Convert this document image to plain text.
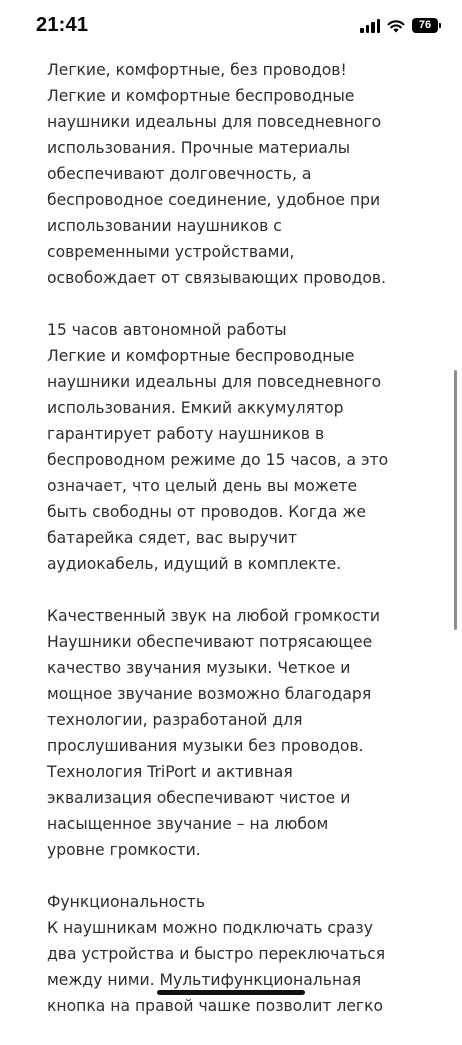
21:41	76

Легкие, комфортные, без проводов!

Легкие и комфортные беспроводные

наушники идеальны для повседневного

использования. Прочные материалы

обеспечивают долговечность, а

беспроводное соединение, удобное при

использовании наушников с

современными устройствами,

освобождает от связывающих проводов.

15 часов автономной работы

Легкие и комфортные беспроводные

наушники идеальны для повседневного

использования. Емкий аккумулятор

гарантирует работу наушников в

беспроводном режиме до 15 часов, а это

означает, что целый день вы можете

быть свободны от проводов. Когда же

батарейка сядет, вас выручит

аудиокабель, идущий в комплекте.

Качественный звук на любой громкости

Наушники обеспечивают потрясающее

качество звучания музыки. Четкое и

мощное звучание возможно благодаря

технологии, разработаной для

прослушивания музыки без проводов.

Технология TriPort и активная

эквализация обеспечивают чистое и

насыщенное звучание – на любом

уровне громкости.

Функциональность

К наушникам можно подключать сразу

два устройства и быстро переключаться

между ними. Мультифункциональная

кнопка на правой чашке позволит легко
